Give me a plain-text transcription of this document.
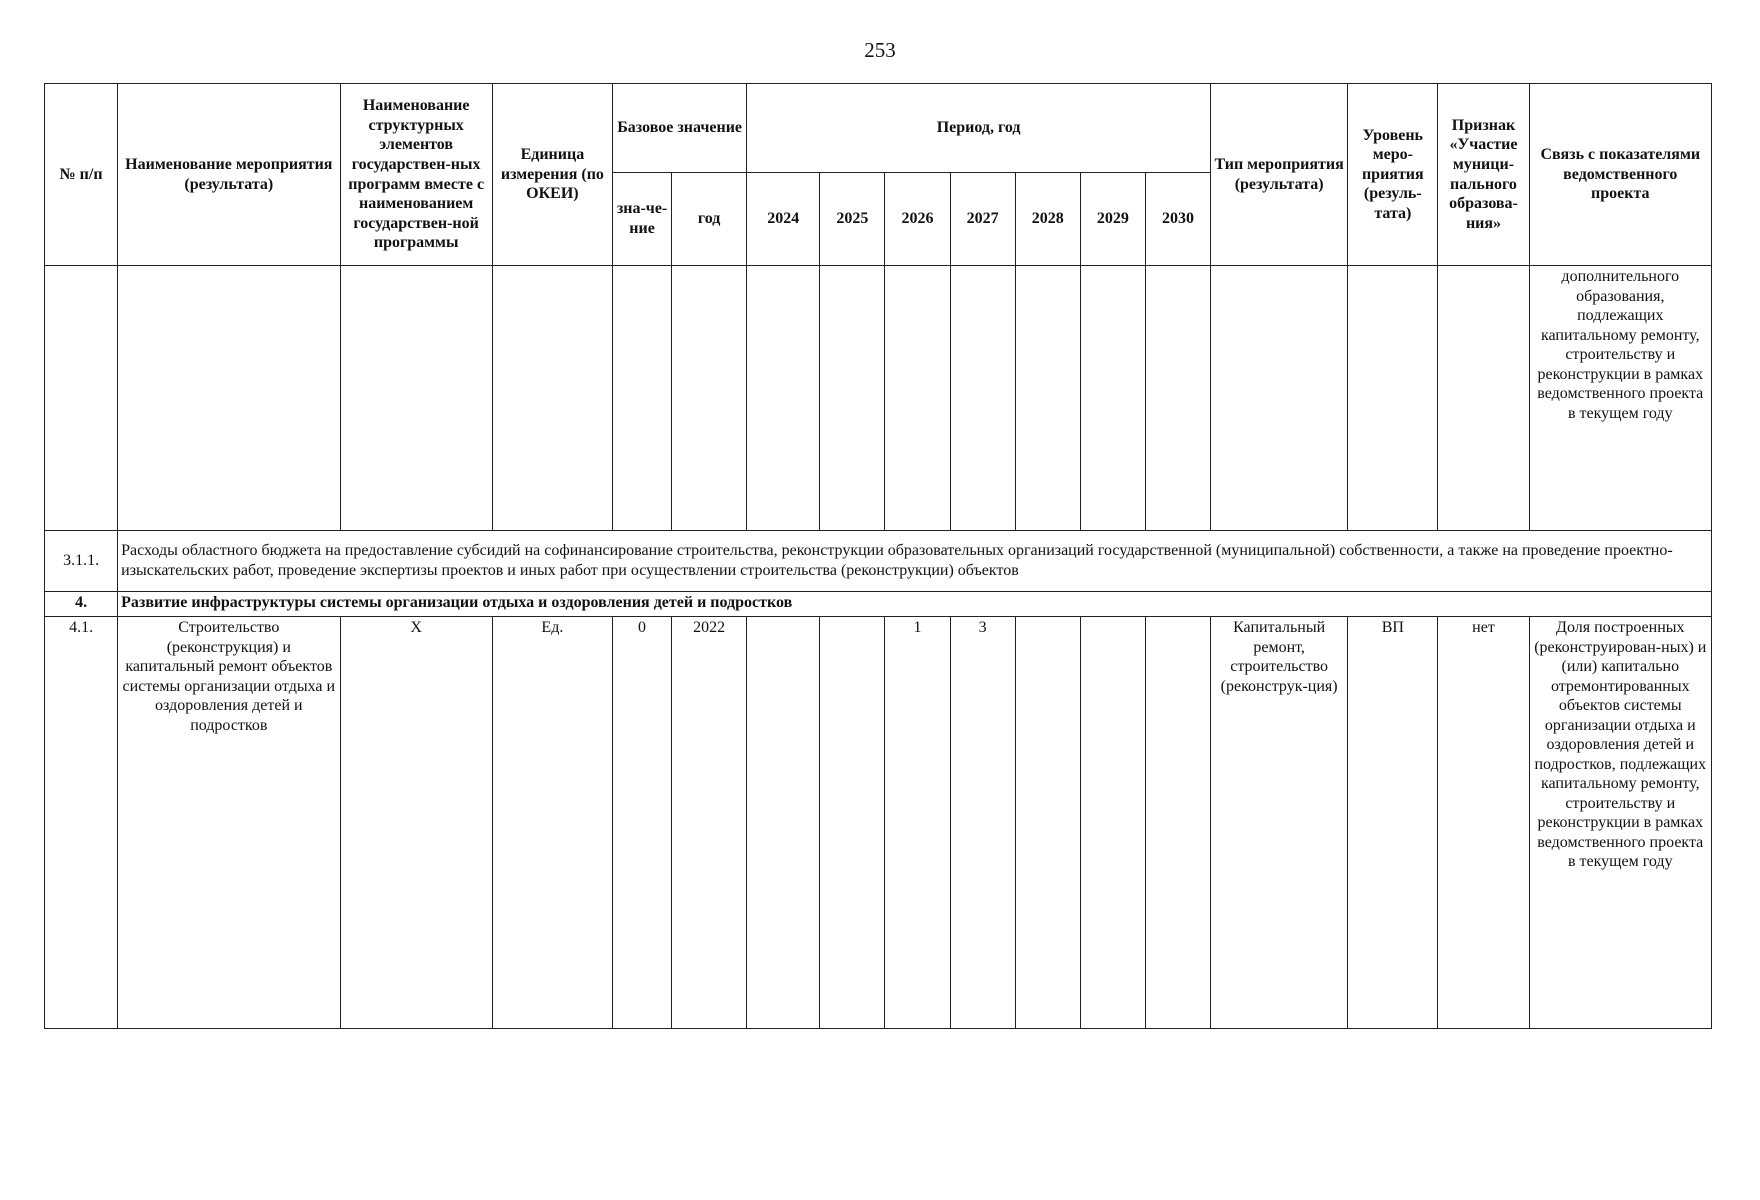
253
№ п/п	Наименование мероприятия (результата)	Наименование структурных элементов государствен-ных программ вместе с наименованием государствен-ной программы	Единица измерения (по ОКЕИ)	Базовое значение		Период, год							Тип мероприятия (результата)	Уровень меро-приятия (резуль-тата)	Признак «Участие муници-пального образова-ния»	Связь с показателями ведомственного проекта
				зна-че-ние	год	2024	2025	2026	2027	2028	2029	2030				

																дополнительного образования, подлежащих капитальному ремонту, строительству и реконструкции в рамках ведомственного проекта в текущем году
3.1.1.	Расходы областного бюджета на предоставление субсидий на софинансирование строительства, реконструкции образовательных организаций государственной (муниципальной) собственности, а также на проведение проектно-изыскательских работ, проведение экспертизы проектов и иных работ при осуществлении строительства (реконструкции) объектов															
4.	Развитие инфраструктуры системы организации отдыха и оздоровления детей и подростков															
4.1.	Строительство (реконструкция) и капитальный ремонт объектов системы организации отдыха и оздоровления детей и подростков	Х	Ед.	0	2022			1	3				Капитальный ремонт, строительство (реконструк-ция)	ВП	нет	Доля построенных (реконструирован-ных) и (или) капитально отремонтированных объектов системы организации отдыха и оздоровления детей и подростков, подлежащих капитальному ремонту, строительству и реконструкции в рамках ведомственного проекта в текущем году
